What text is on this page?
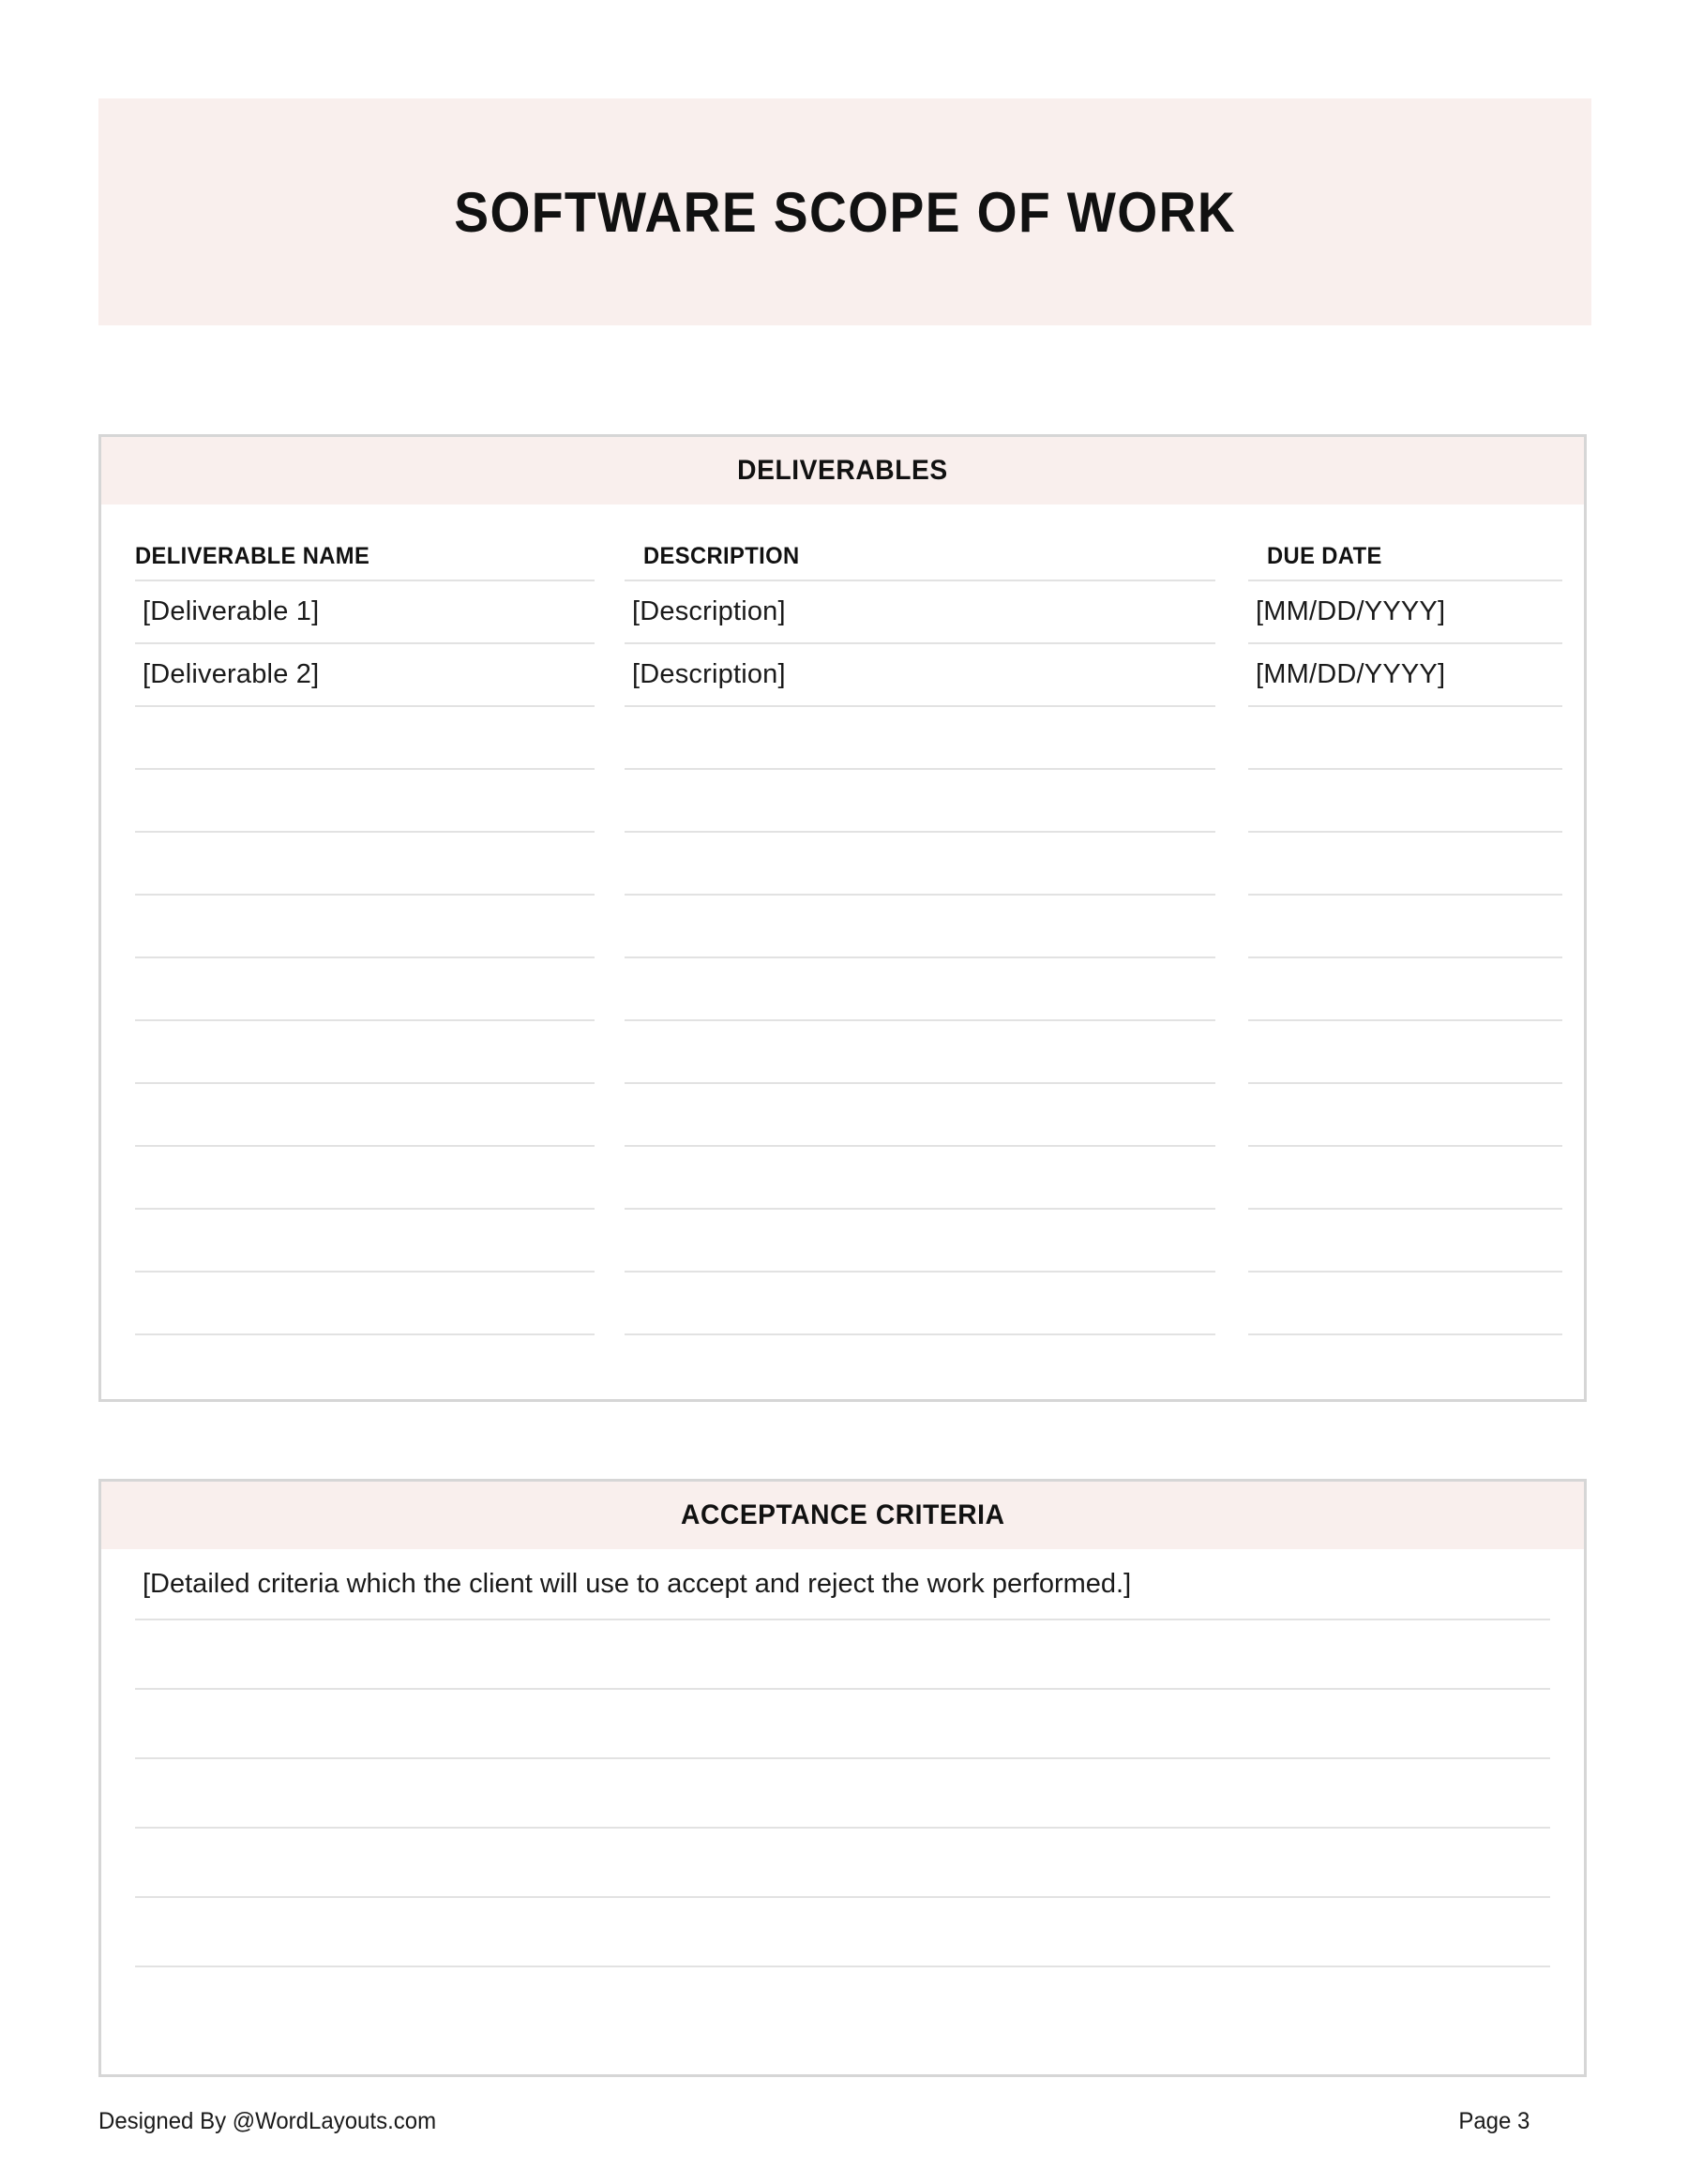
SOFTWARE SCOPE OF WORK
DELIVERABLES
DELIVERABLE NAME	DESCRIPTION	DUE DATE
[Deliverable 1]	[Description]	[MM/DD/YYYY]
[Deliverable 2]	[Description]	[MM/DD/YYYY]
ACCEPTANCE CRITERIA
[Detailed criteria which the client will use to accept and reject the work performed.]
Designed By @WordLayouts.com	Page 3
